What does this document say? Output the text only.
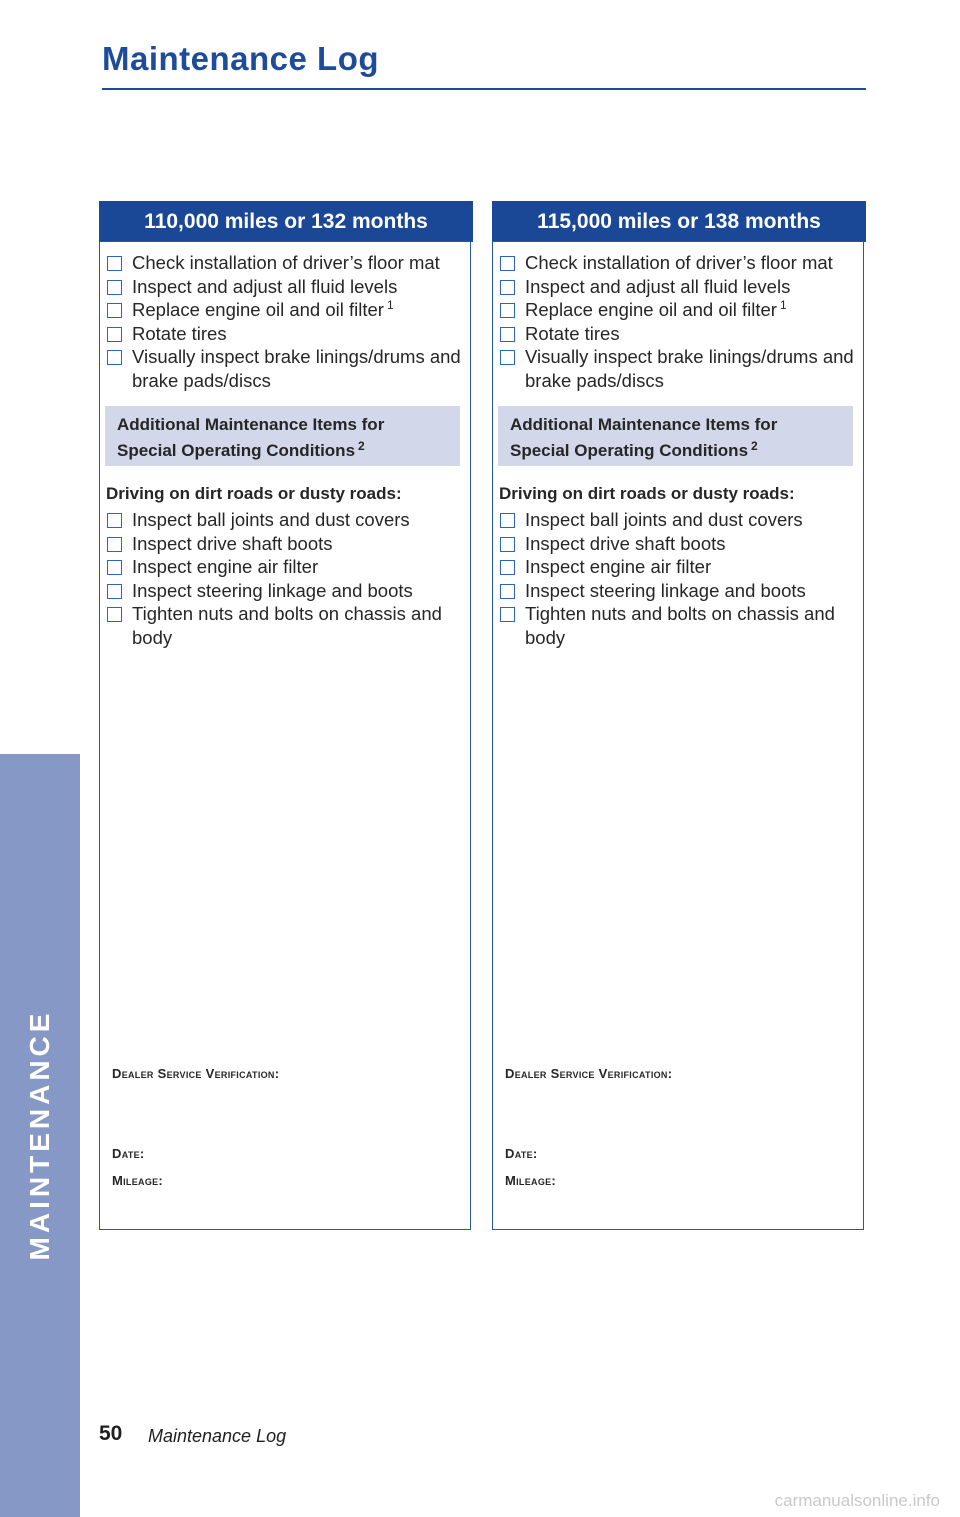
Maintenance Log
MAINTENANCE
110,000 miles or 132 months
Check installation of driver’s floor mat
Inspect and adjust all fluid levels
Replace engine oil and oil filter $^1$
Rotate tires
Visually inspect brake linings/drums and brake pads/discs
Additional Maintenance Items for
Special Operating Conditions $^2$
Driving on dirt roads or dusty roads:
Inspect ball joints and dust covers
Inspect drive shaft boots
Inspect engine air filter
Inspect steering linkage and boots
Tighten nuts and bolts on chassis and body
Dealer Service Verification:
Date:
Mileage:
115,000 miles or 138 months
Check installation of driver’s floor mat
Inspect and adjust all fluid levels
Replace engine oil and oil filter $^1$
Rotate tires
Visually inspect brake linings/drums and brake pads/discs
Additional Maintenance Items for
Special Operating Conditions $^2$
Driving on dirt roads or dusty roads:
Inspect ball joints and dust covers
Inspect drive shaft boots
Inspect engine air filter
Inspect steering linkage and boots
Tighten nuts and bolts on chassis and body
Dealer Service Verification:
Date:
Mileage:
50 Maintenance Log
carmanualsonline.info
